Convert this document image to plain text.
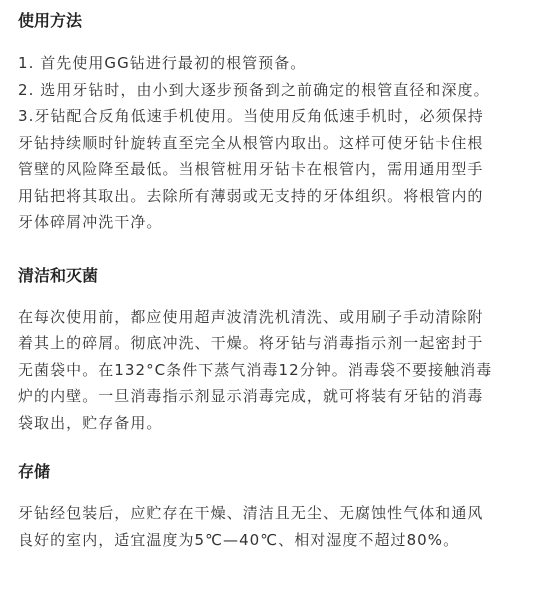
使用方法

1. 首先使用GG钻进行最初的根管预备。

2. 选用牙钻时，由小到大逐步预备到之前确定的根管直径和深度。

3.牙钻配合反角低速手机使用。当使用反角低速手机时，必须保持

牙钻持续顺时针旋转直至完全从根管内取出。这样可使牙钻卡住根

管壁的风险降至最低。当根管桩用牙钻卡在根管内，需用通用型手

用钻把将其取出。去除所有薄弱或无支持的牙体组织。将根管内的

牙体碎屑冲洗干净。

清洁和灭菌

在每次使用前，都应使用超声波清洗机清洗、或用刷子手动清除附

着其上的碎屑。彻底冲洗、干燥。将牙钻与消毒指示剂一起密封于

无菌袋中。在132°C条件下蒸气消毒12分钟。消毒袋不要接触消毒

炉的内壁。一旦消毒指示剂显示消毒完成，就可将装有牙钻的消毒

袋取出，贮存备用。

存储

牙钻经包装后，应贮存在干燥、清洁且无尘、无腐蚀性气体和通风

良好的室内，适宜温度为5℃—40℃、相对湿度不超过80%。
